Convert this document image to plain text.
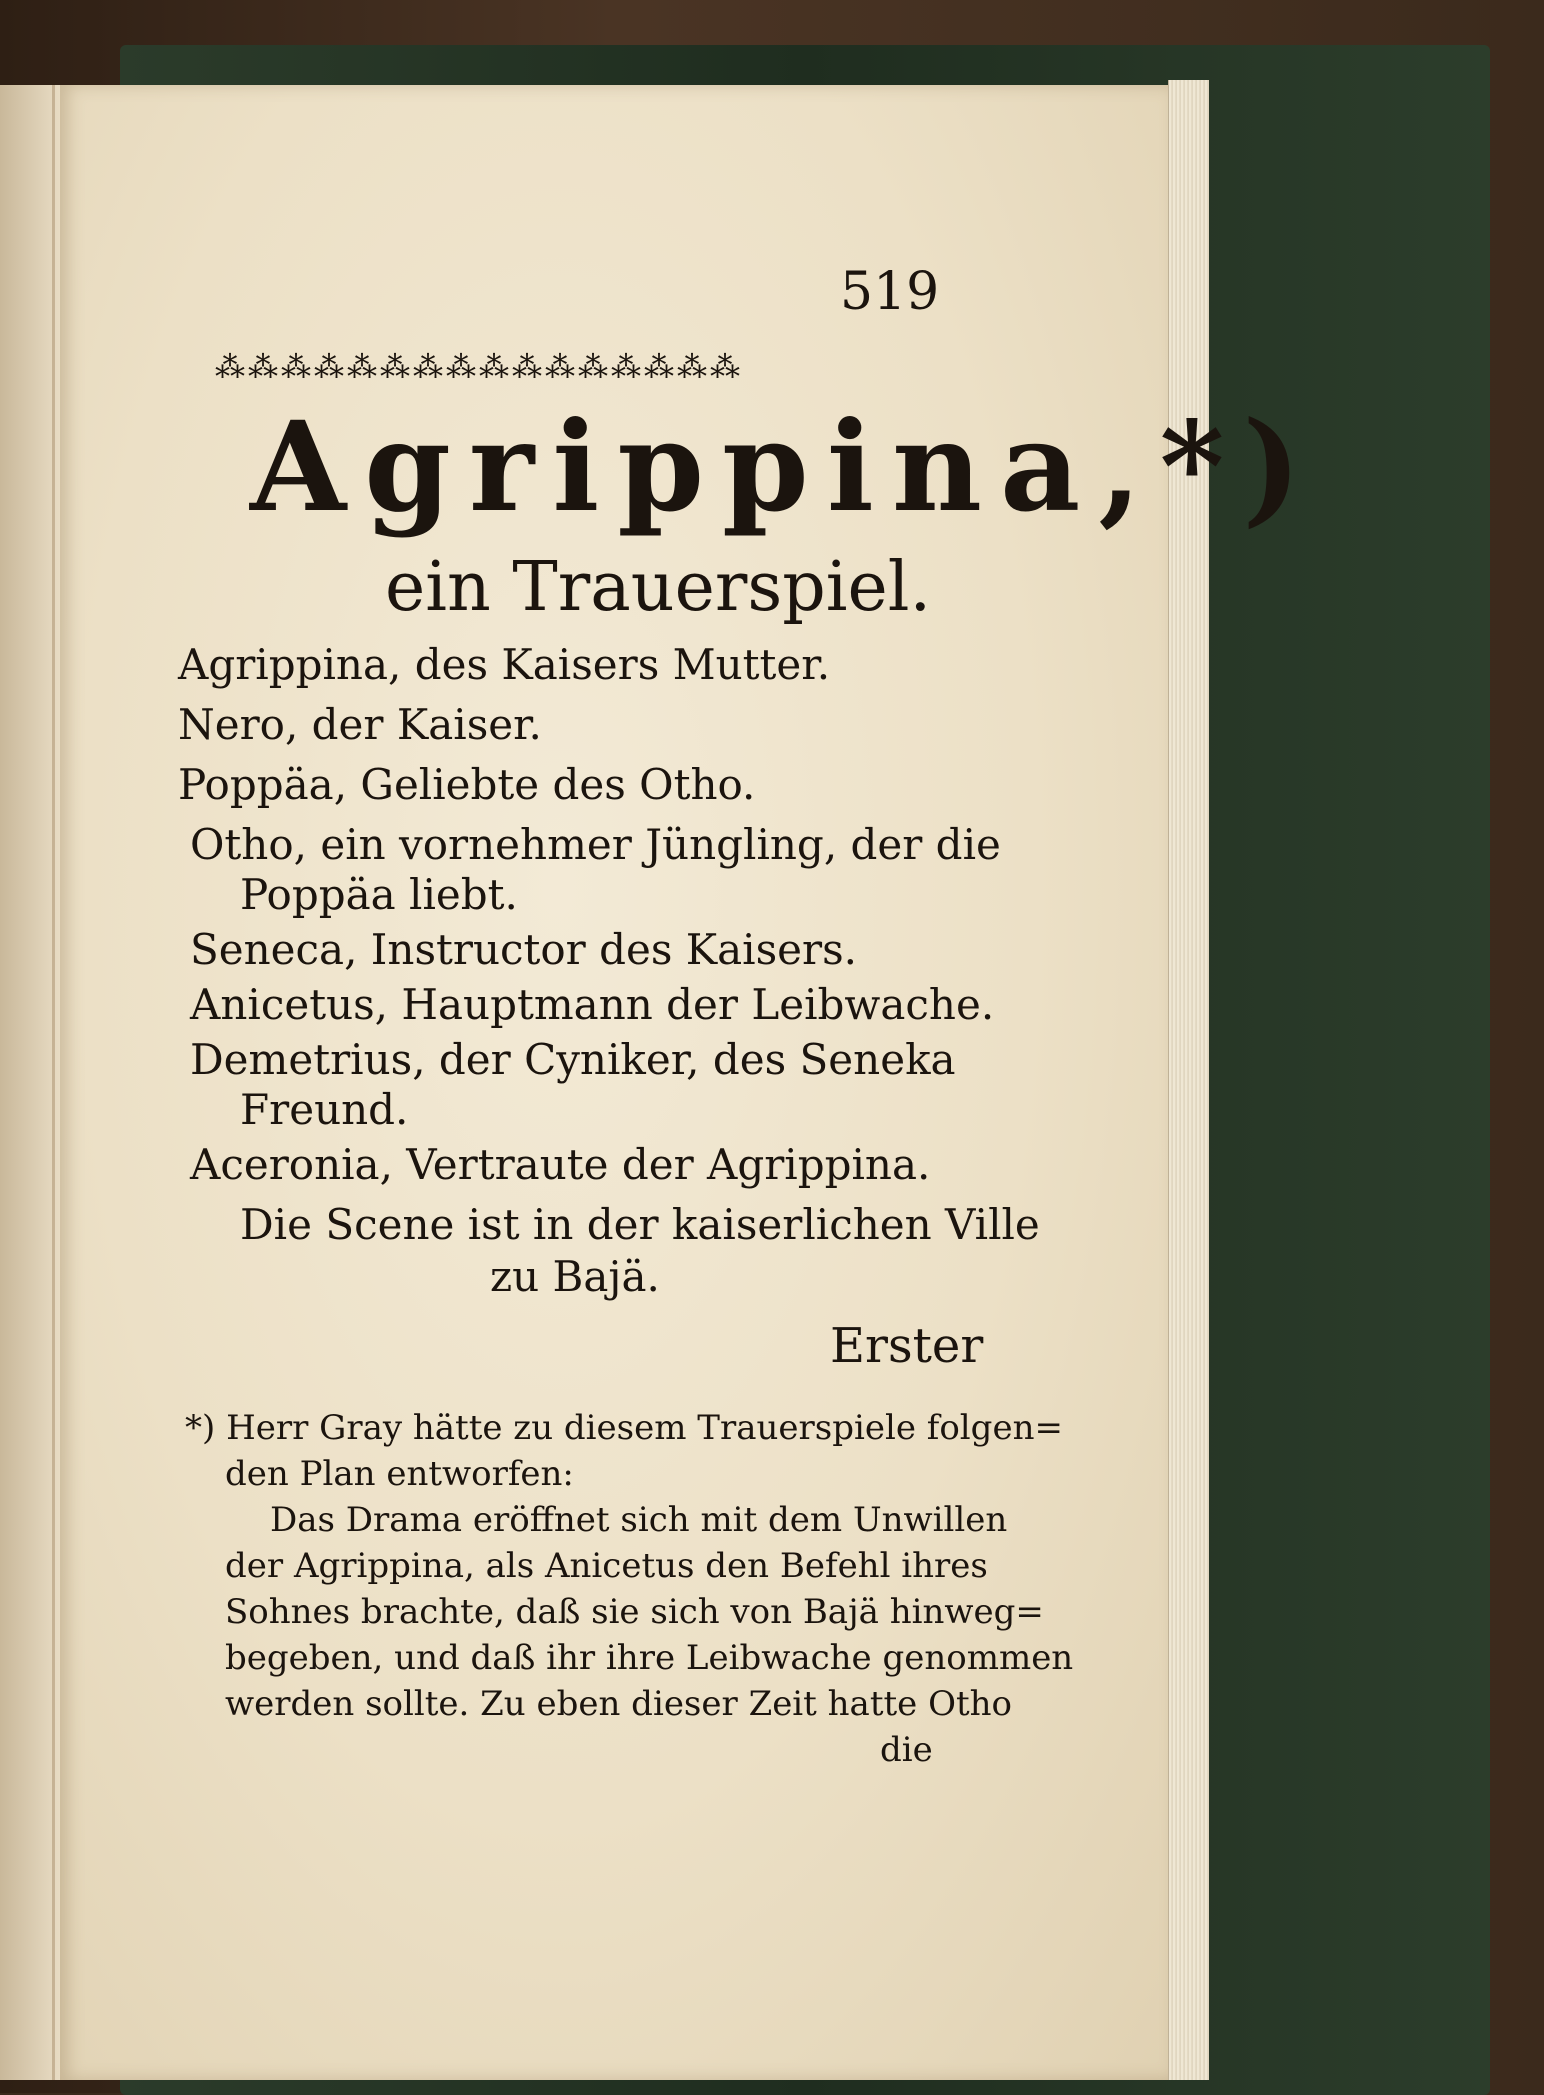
519
⁂⁂⁂⁂⁂⁂⁂⁂⁂⁂⁂⁂⁂⁂⁂⁂
Agrippina,*)
ein Trauerspiel.
Agrippina, des Kaisers Mutter.
Nero, der Kaiser.
Poppäa, Geliebte des Otho.
Otho, ein vornehmer Jüngling, der die
Poppäa liebt.
Seneca, Instructor des Kaisers.
Anicetus, Hauptmann der Leibwache.
Demetrius, der Cyniker, des Seneka
Freund.
Aceronia, Vertraute der Agrippina.
Die Scene ist in der kaiserlichen Ville
zu Bajä.
Erster
*) Herr Gray hätte zu diesem Trauerspiele folgen=
den Plan entworfen:
Das Drama eröffnet sich mit dem Unwillen
der Agrippina, als Anicetus den Befehl ihres
Sohnes brachte, daß sie sich von Bajä hinweg=
begeben, und daß ihr ihre Leibwache genommen
werden sollte. Zu eben dieser Zeit hatte Otho
die
